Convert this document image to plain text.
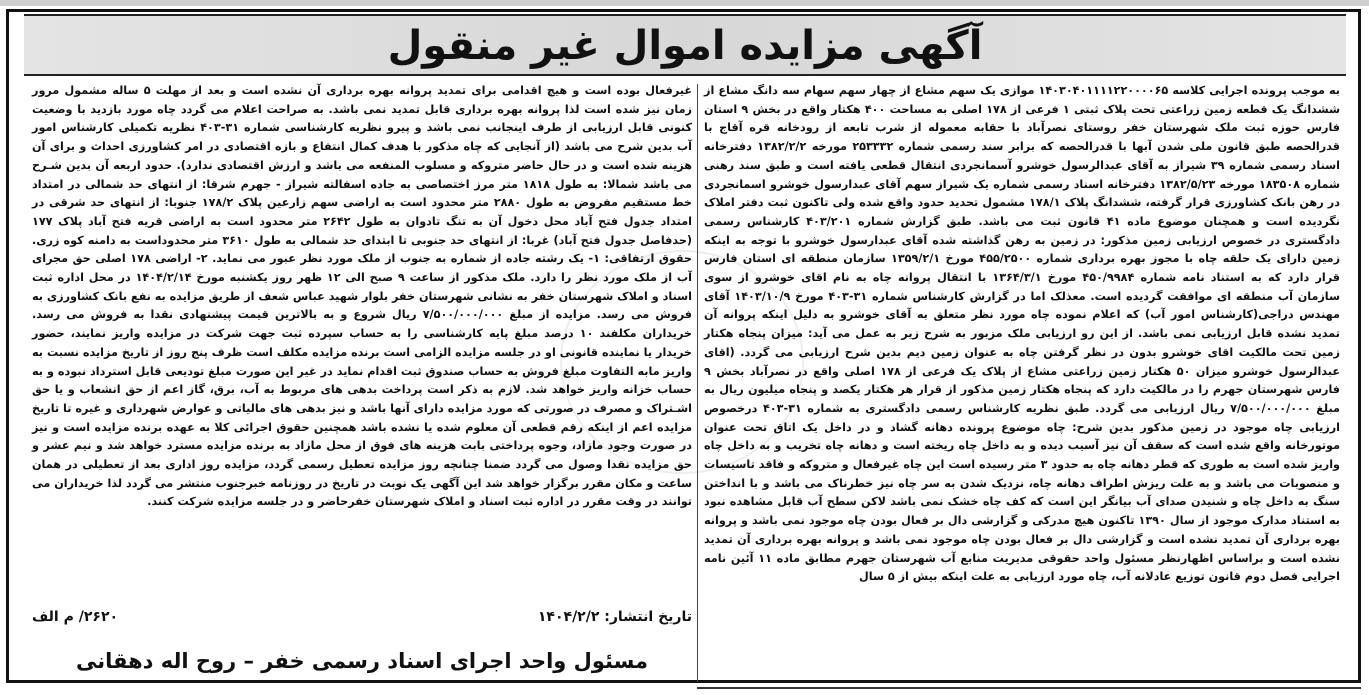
آگهی مزایده اموال غیر منقول

به موجب پرونده اجرایی کلاسه ۱۴۰۳۰۴۰۱۱۱۱۲۲۰۰۰۰۶۵ موازی یک سهم مشاع از چهار سهم سهام سه دانگ مشاع از ششدانگ یک قطعه زمین زراعتی تحت پلاک ثبتی ۱ فرعی از ۱۷۸ اصلی به مساحت ۴۰۰ هکتار واقع در بخش ۹ استان فارس حوزه ثبت ملک شهرستان خفر روستای نصرآباد با حقابه معموله از شرب تابعه از رودخانه قره آقاج با قدرالحصه طبق قانون ملی شدن آبها با قدرالحصه که برابر سند رسمی شماره ۲۵۳۳۳۲ مورخه ۱۳۸۲/۲/۲ دفترخانه اسناد رسمی شماره ۳۹ شیراز به آقای عبدالرسول خوشرو آسمانجردی انتقال قطعی یافته است و طبق سند رهنی شماره ۱۸۳۵۰۸ مورخه ۱۳۸۲/۵/۲۳ دفترخانه اسناد رسمی شماره یک شیراز سهم آقای عبدارسول خوشرو اسمانجردی در رهن بانک کشاورزی قرار گرفته، ششدانگ پلاک ۱۷۸/۱ مشمول تحدید حدود واقع شده ولی تاکنون ثبت دفتر املاک نگردیده است و همچنان موضوع ماده ۴۱ قانون ثبت می باشد. طبق گزارش شماره ۴۰۳/۲۰۱ کارشناس رسمی دادگستری در خصوص ارزیابی زمین مذکور: در زمین به رهن گذاشته شده آقای عبدارسول خوشرو با توجه به اینکه زمین دارای یک حلقه چاه با مجوز بهره برداری شماره ۴۵۵/۲۵۰۰ مورخ ۱۳۵۹/۲/۱ سازمان منطقه ای استان فارس قرار دارد که به استناد نامه شماره ۴۵۰/۹۹۸۴ مورخ ۱۳۶۴/۳/۱ با انتقال پروانه چاه به نام اقای خوشرو از سوی سازمان آب منطقه ای موافقت گردیده است. معذلک اما در گزارش کارشناس شماره ۳۱-۴۰۳ مورخ ۱۴۰۳/۱۰/۹ آقای مهندس دراجی(کارشناس امور آب) که اعلام نموده چاه مورد نظر متعلق به آقای خوشرو به دلیل اینکه پروانه آن تمدید نشده قابل ارزیابی نمی باشد. از این رو ارزیابی ملک مزبور به شرح زیر به عمل می آید: میزان پنجاه هکتار زمین تحت مالکیت اقای خوشرو بدون در نظر گرفتن چاه به عنوان زمین دیم بدین شرح ارزیابی می گردد. (اقای عبدالرسول خوشرو میزان ۵۰ هکتار زمین زراعتی مشاع از پلاک یک فرعی از ۱۷۸ اصلی واقع در نصرآباد بخش ۹ فارس شهرستان جهرم را در مالکیت دارد که پنجاه هکتار زمین مذکور از قرار هر هکتار یکصد و پنجاه میلیون ریال به مبلغ ۷/۵۰۰/۰۰۰/۰۰۰ ریال ارزیابی می گردد. طبق نظریه کارشناس رسمی دادگستری به شماره ۳۱-۴۰۳ درخصوص ارزیابی چاه موجود در زمین مذکور بدین شرح: چاه موضوع پرونده دهانه گشاد و در داخل یک اتاق تحت عنوان موتورخانه واقع شده است که سقف آن نیز آسیب دیده و به داخل چاه ریخته است و دهانه چاه تخریب و به داخل چاه واریز شده است به طوری که قطر دهانه چاه به حدود ۳ متر رسیده است این چاه غیرفعال و متروکه و فاقد تاسیسات و منصوبات می باشد و به علت ریزش اطراف دهانه چاه، نزدیک شدن به سر چاه نیز خطرناک می باشد و با انداختن سنگ به داخل چاه و شنیدن صدای آب بیانگر این است که کف چاه خشک نمی باشد لاکن سطح آب قابل مشاهده نبود به استناد مدارک موجود از سال ۱۳۹۰ تاکنون هیچ مدرکی و گزارشی دال بر فعال بودن چاه موجود نمی باشد و پروانه بهره برداری آن تمدید نشده است و گزارشی دال بر فعال بودن چاه موجود نمی باشد و پروانه بهره برداری آن تمدید نشده است و براساس اظهارنظر مسئول واحد حقوقی مدیریت منابع آب شهرستان جهرم مطابق ماده ۱۱ آئین نامه اجرایی فصل دوم قانون توزیع عادلانه آب، چاه مورد ارزیابی به علت اینکه بیش از ۵ سال

غیرفعال بوده است و هیچ اقدامی برای تمدید پروانه بهره برداری آن نشده است و بعد از مهلت ۵ ساله مشمول مرور زمان نیز شده است لذا پروانه بهره برداری قابل تمدید نمی باشد. به صراحت اعلام می گردد چاه مورد بازدید با وضعیت کنونی قابل ارزیابی از طرف اینجانب نمی باشد و پیرو نظریه کارشناسی شماره ۳۱-۴۰۳ نظریه تکمیلی کارشناس امور آب بدین شرح می باشد (از آنجایی که چاه مذکور با هدف کمال انتفاع و بازه اقتصادی در امر کشاورزی احداث و برای آن هزینه شده است و در حال حاضر متروکه و مسلوب المنفعه می باشد و ارزش اقتصادی ندارد). حدود اربعه آن بدین شـرح می باشد شمالا: به طول ۱۸۱۸ متر مرز اختصاصی به جاده اسفالته شیراز - جهرم شرقا: از انتهای حد شمالی در امتداد خط مستقیم مفروض به طول ۲۸۸۰ متر محدود است به اراضی سهم زارعین پلاک ۱۷۸/۲ جنوبا: از انتهای حد شرقی در امتداد جدول فتح آباد محل دخول آن به تنگ تادوان به طول ۲۶۴۲ متر محدود است به اراضی قریه فتح آباد پلاک ۱۷۷ (حدفاصل جدول فتح آباد) غربا: از انتهای حد جنوبی تا ابتدای حد شمالی به طول ۳۶۱۰ متر محدوداست به دامنه کوه زری. حقوق ارتفاقی: ۱- یک رشته جاده از شماره به جنوب از ملک مورد نظر عبور می نماید. ۲- اراضی ۱۷۸ اصلی حق مجرای آب از ملک مورد نظر را دارد. ملک مذکور از ساعت ۹ صبح الی ۱۲ ظهر روز یکشنبه مورخ ۱۴۰۴/۲/۱۴ در محل اداره ثبت اسناد و املاک شهرستان خفر به نشانی شهرستان خفر بلوار شهید عباس شعف از طریق مزایده به نفع بانک کشاورزی به فروش می رسد. مزایده از مبلغ ۷/۵۰۰/۰۰۰/۰۰۰ ریال شروع و به بالاترین قیمت پیشنهادی نقدا به فروش می رسد. خریداران مکلفند ۱۰ درصد مبلغ پایه کارشناسی را به حساب سپرده ثبت جهت شرکت در مزایده واریز نمایند، حضور خریدار یا نماینده قانونی او در جلسه مزایده الزامی است برنده مزایده مکلف است ظرف پنج روز از تاریخ مزایده نسبت به واریز مابه التفاوت مبلغ فروش به حساب صندوق ثبت اقدام نماید در غیر این صورت مبلغ تودیعی قابل استرداد نبوده و به حساب خزانه واریز خواهد شد. لازم به ذکر است پرداخت بدهی های مربوط به آب، برق، گاز اعم از حق انشعاب و یا حق اشـتراک و مصرف در صورتی که مورد مزایده دارای آنها باشد و نیز بدهی های مالیاتی و عوارض شهرداری و غیره تا تاریخ مزایده اعم از اینکه رقم قطعی آن معلوم شده یا نشده باشد همچنین حقوق اجرائی کلا به عهده برنده مزایده است و نیز در صورت وجود مازاد، وجوه پرداختی بابت هزینه های فوق از محل مازاد به برنده مزایده مسترد خواهد شد و نیم عشر و حق مزایده نقدا وصول می گردد ضمنا چنانچه روز مزایده تعطیل رسمی گردد، مزایده روز اداری بعد از تعطیلی در همان ساعت و مکان مقرر برگزار خواهد شد این آگهی یک نوبت در تاریخ در روزنامه خبرجنوب منتشر می گردد لذا خریداران می توانند در وقت مقرر در اداره ثبت اسناد و املاک شهرستان خفرحاضر و در جلسه مزایده شرکت کنند.

تاریخ انتشار: ۱۴۰۴/۲/۲
۲۶۲۰/ م الف
مسئول واحد اجرای اسناد رسمی خفر – روح اله دهقانی
